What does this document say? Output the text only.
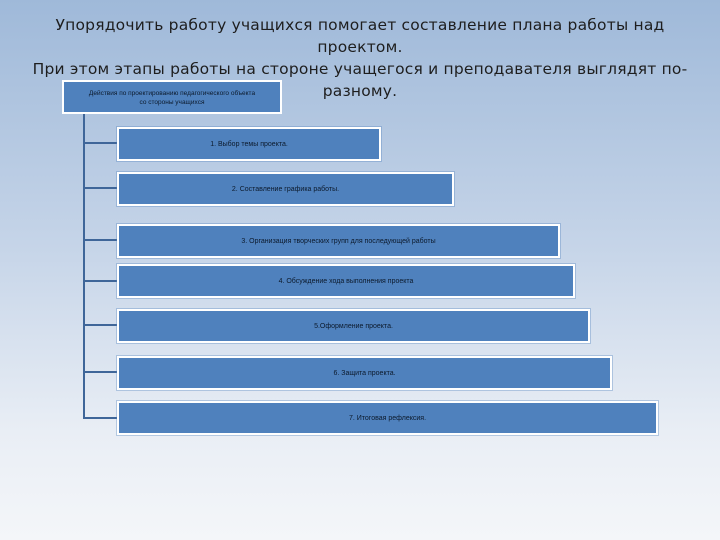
Упорядочить работу учащихся помогает составление плана работы над проектом.
При этом этапы работы на стороне учащегося и преподавателя выглядят по-
разному.
Действия по проектированию педагогического объекта
со стороны учащихся
1. Выбор темы проекта.
2. Составление графика работы.
3. Организация творческих групп для последующей работы
4. Обсуждение хода выполнения проекта
5.Оформление проекта.
6. Защита проекта.
7. Итоговая рефлексия.
